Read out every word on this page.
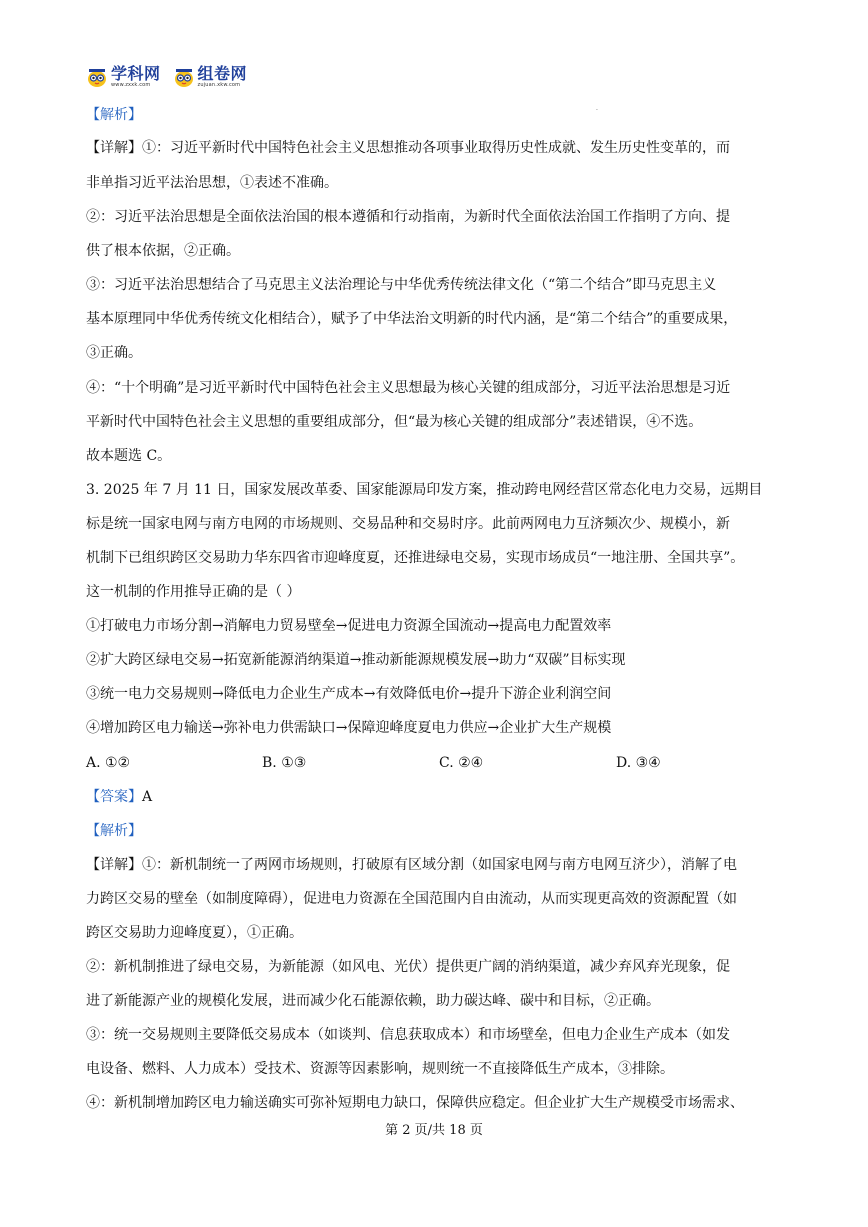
学科网
www.zxxk.com
组卷网
zujuan.xkw.com
.
【解析】
【详解】①：习近平新时代中国特色社会主义思想推动各项事业取得历史性成就、发生历史性变革的，而
非单指习近平法治思想，①表述不准确。
②：习近平法治思想是全面依法治国的根本遵循和行动指南，为新时代全面依法治国工作指明了方向、提
供了根本依据，②正确。
③：习近平法治思想结合了马克思主义法治理论与中华优秀传统法律文化（“第二个结合”即马克思主义
基本原理同中华优秀传统文化相结合），赋予了中华法治文明新的时代内涵，是“第二个结合”的重要成果，
③正确。
④：“十个明确”是习近平新时代中国特色社会主义思想最为核心关键的组成部分，习近平法治思想是习近
平新时代中国特色社会主义思想的重要组成部分，但“最为核心关键的组成部分”表述错误，④不选。
故本题选 C。
3. 2025 年 7 月 11 日，国家发展改革委、国家能源局印发方案，推动跨电网经营区常态化电力交易，远期目
标是统一国家电网与南方电网的市场规则、交易品种和交易时序。此前两网电力互济频次少、规模小，新
机制下已组织跨区交易助力华东四省市迎峰度夏，还推进绿电交易，实现市场成员“一地注册、全国共享”。
这一机制的作用推导正确的是（ ）
①打破电力市场分割→消解电力贸易壁垒→促进电力资源全国流动→提高电力配置效率
②扩大跨区绿电交易→拓宽新能源消纳渠道→推动新能源规模发展→助力“双碳”目标实现
③统一电力交易规则→降低电力企业生产成本→有效降低电价→提升下游企业利润空间
④增加跨区电力输送→弥补电力供需缺口→保障迎峰度夏电力供应→企业扩大生产规模
A. ①②	B. ①③	C. ②④	D. ③④
【答案】A
【解析】
【详解】①：新机制统一了两网市场规则，打破原有区域分割（如国家电网与南方电网互济少），消解了电
力跨区交易的壁垒（如制度障碍），促进电力资源在全国范围内自由流动，从而实现更高效的资源配置（如
跨区交易助力迎峰度夏），①正确。
②：新机制推进了绿电交易，为新能源（如风电、光伏）提供更广阔的消纳渠道，减少弃风弃光现象，促
进了新能源产业的规模化发展，进而减少化石能源依赖，助力碳达峰、碳中和目标，②正确。
③：统一交易规则主要降低交易成本（如谈判、信息获取成本）和市场壁垒，但电力企业生产成本（如发
电设备、燃料、人力成本）受技术、资源等因素影响，规则统一不直接降低生产成本，③排除。
④：新机制增加跨区电力输送确实可弥补短期电力缺口，保障供应稳定。但企业扩大生产规模受市场需求、
第 2 页/共 18 页
